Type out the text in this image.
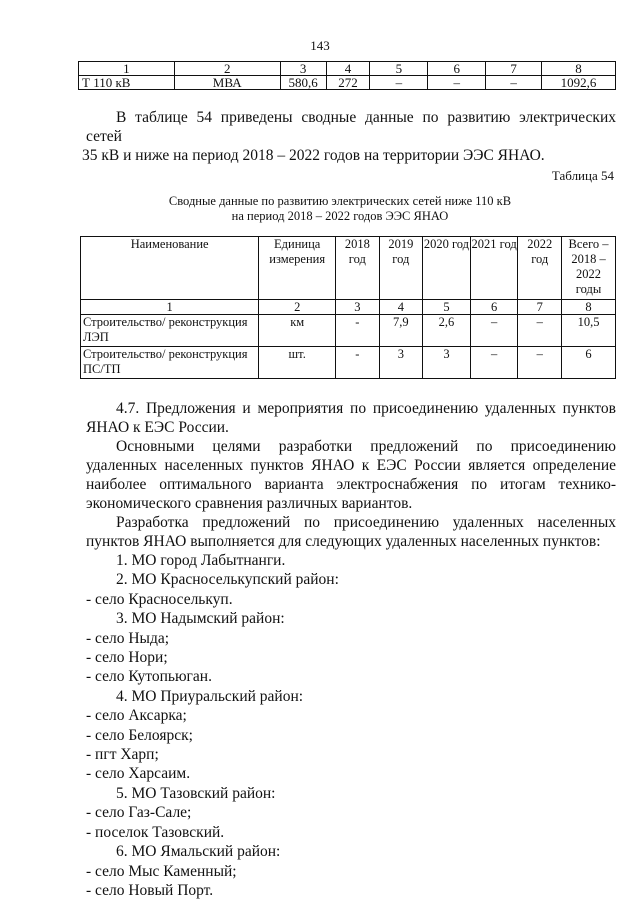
143
1	2	3	4	5	6	7	8
Т 110 кВ	МВА	580,6	272	–	–	–	1092,6
В таблице 54 приведены сводные данные по развитию электрических сетей
35 кВ и ниже на период 2018 – 2022 годов на территории ЭЭС ЯНАО.
Таблица 54
Сводные данные по развитию электрических сетей ниже 110 кВ
на период 2018 – 2022 годов ЭЭС ЯНАО
Наименование	Единица измерения	2018 год	2019 год	2020 год	2021 год	2022 год	Всего – 2018 – 2022 годы
1	2	3	4	5	6	7	8
Строительство/ реконструкция ЛЭП	км	-	7,9	2,6	–	–	10,5
Строительство/ реконструкция ПС/ТП	шт.	-	3	3	–	–	6

4.7. Предложения и мероприятия по присоединению удаленных пунктов ЯНАО к ЕЭС России.

Основными целями разработки предложений по присоединению удаленных населенных пунктов ЯНАО к ЕЭС России является определение наиболее оптимального варианта электроснабжения по итогам технико-экономического сравнения различных вариантов.

Разработка предложений по присоединению удаленных населенных пунктов ЯНАО выполняется для следующих удаленных населенных пунктов:

1. МО город Лабытнанги.

2. МО Красноселькупский район:

- село Красноселькуп.

3. МО Надымский район:

- село Ныда;

- село Нори;

- село Кутопьюган.

4. МО Приуральский район:

- село Аксарка;

- село Белоярск;

- пгт Харп;

- село Харсаим.

5. МО Тазовский район:

- село Газ-Сале;

- поселок Тазовский.

6. МО Ямальский район:

- село Мыс Каменный;

- село Новый Порт.
